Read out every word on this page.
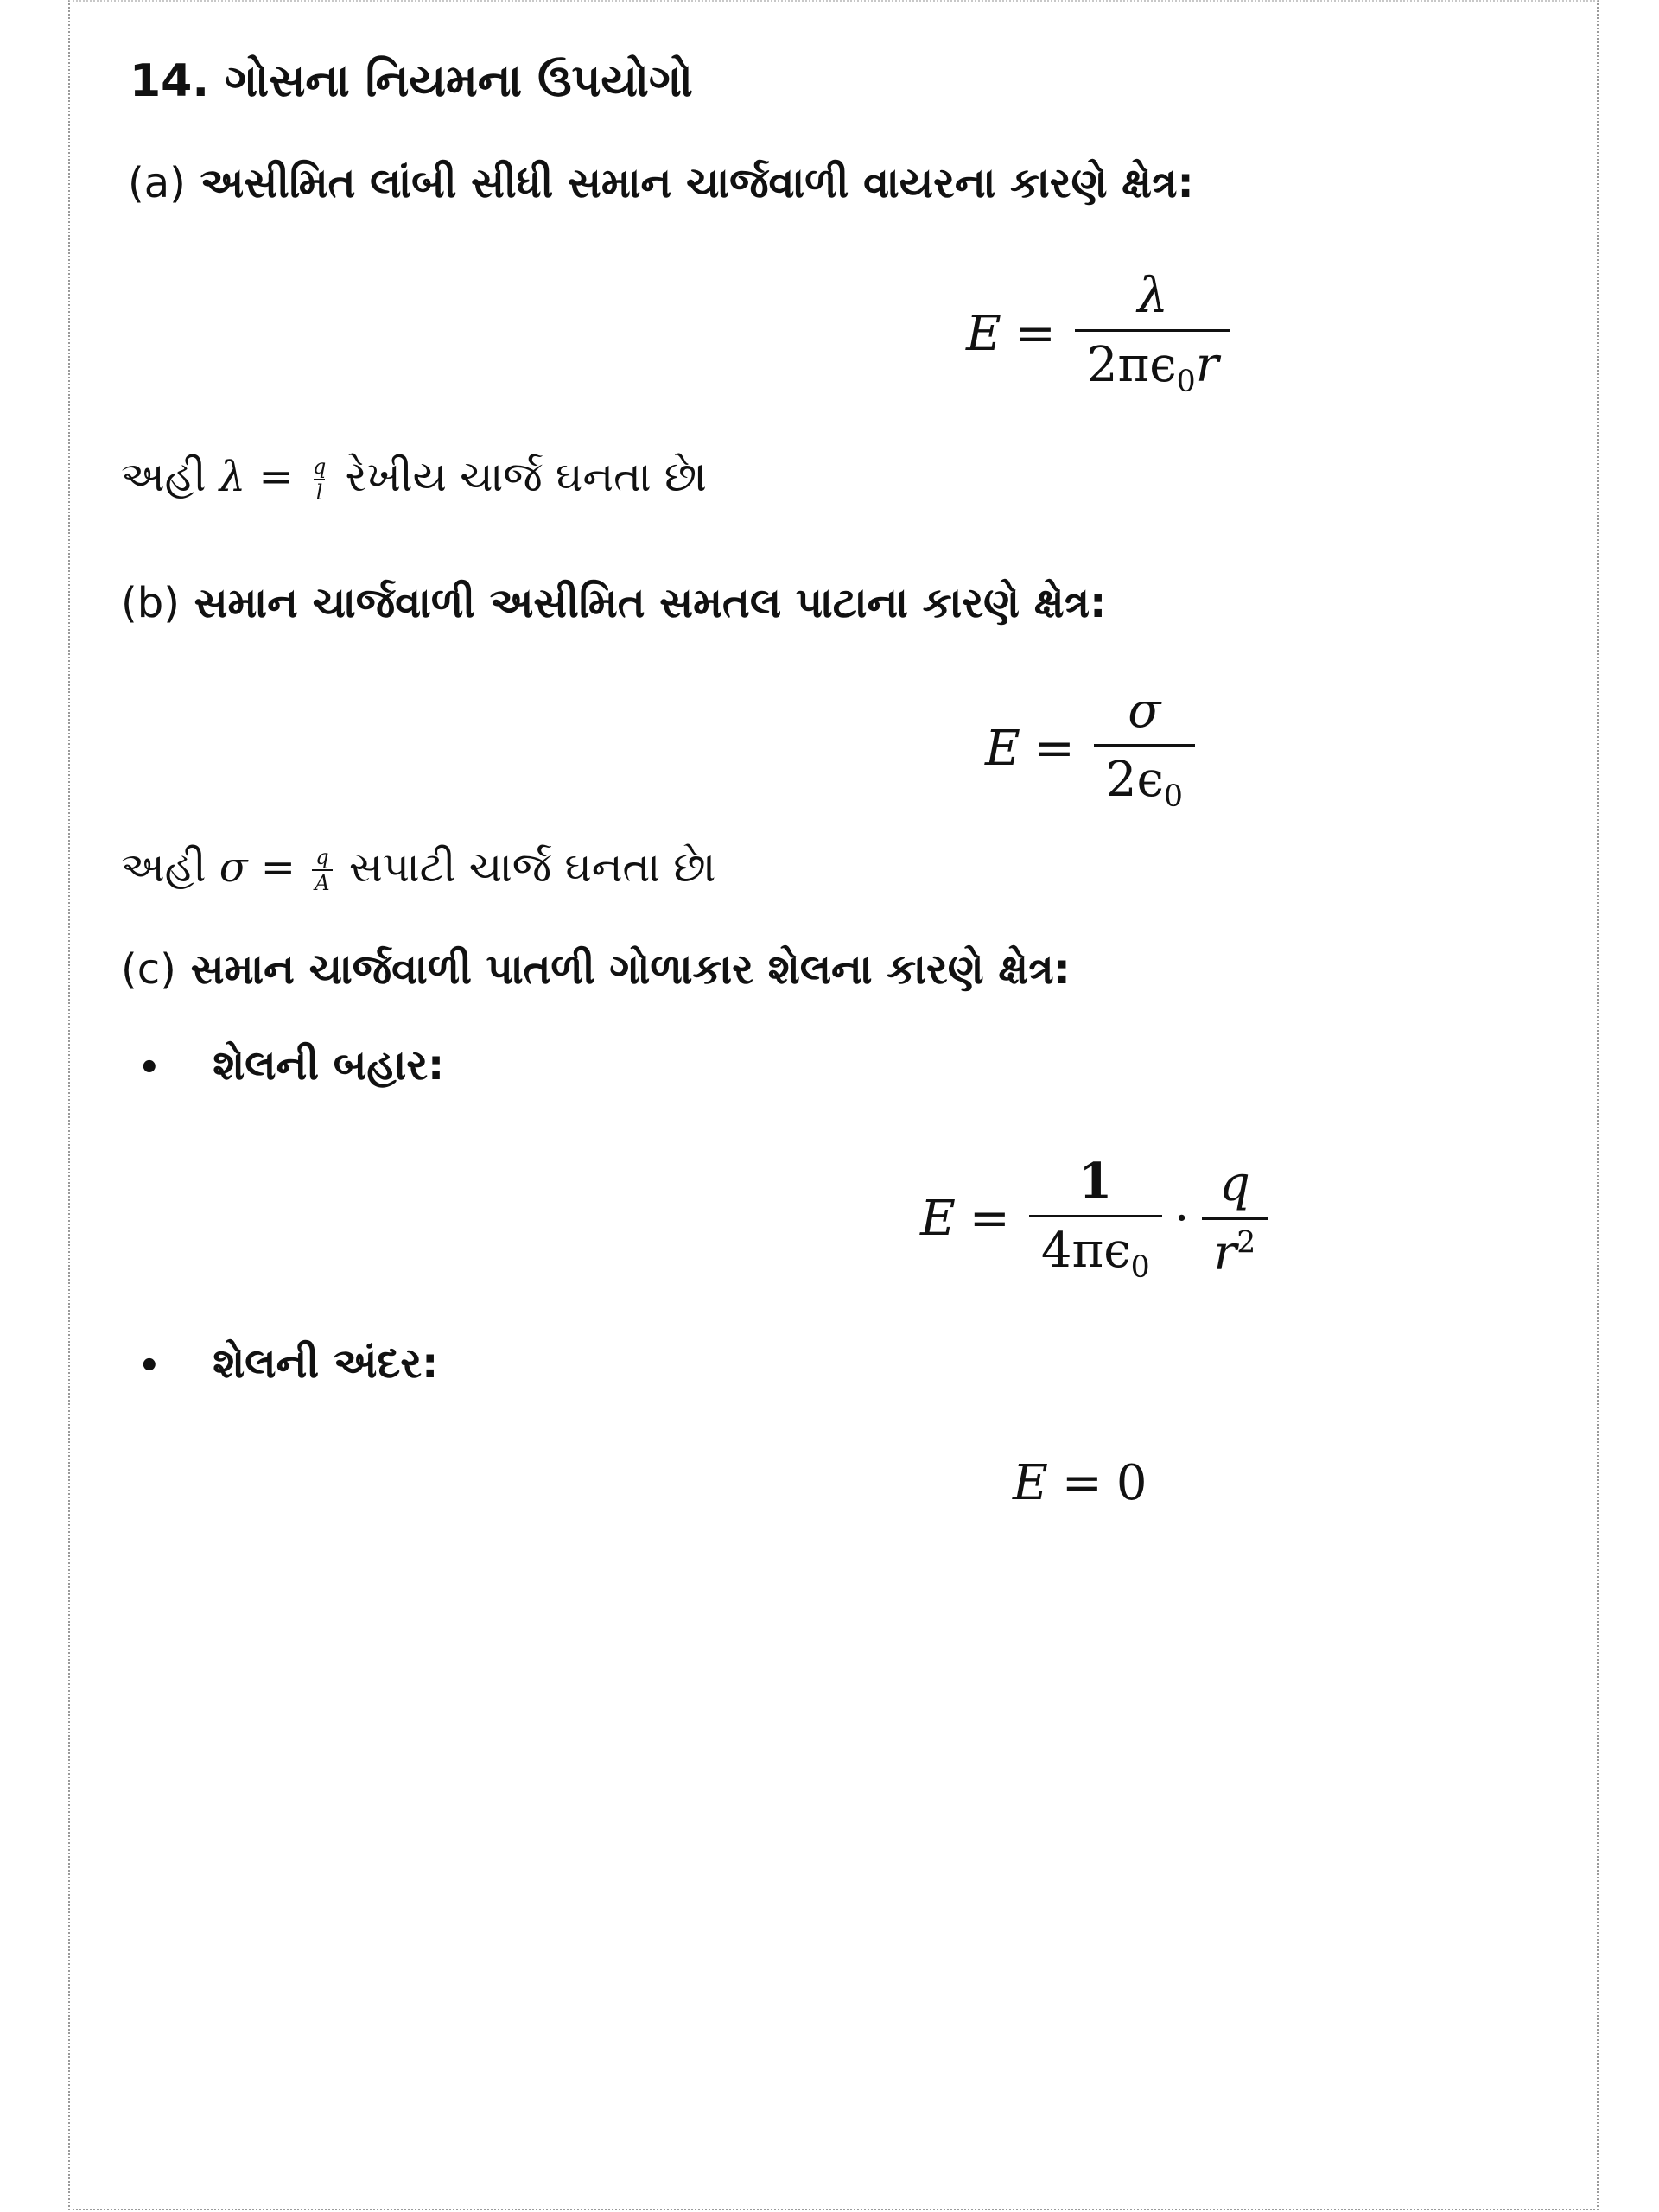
14. ગોસના નિયમના ઉપયોગો
(a) અસીમિત લાંબી સીધી સમાન ચાર્જવાળી વાયરના કારણે ક્ષેત્ર:
$E = \frac{\lambda}{2\pi\epsilon_0r}$
અહી $\lambda = \frac{q}{l}$ રેખીય ચાર્જ ઘનતા છે।
(b) સમાન ચાર્જવાળી અસીમિત સમતલ પાટાના કારણે ક્ષેત્ર:
$E = \frac{\sigma}{2\epsilon_0}$
અહી $\sigma = \frac{q}{A}$ સપાટી ચાર્જ ઘનતા છે।
(c) સમાન ચાર્જવાળી પાતળી ગોળાકાર શેલના કારણે ક્ષેત્ર:
• શેલની બહાર:
$E = \frac{1}{4\pi\epsilon_0} \cdot \frac{q}{r^2}$
• શેલની અંદર:
E = 0
